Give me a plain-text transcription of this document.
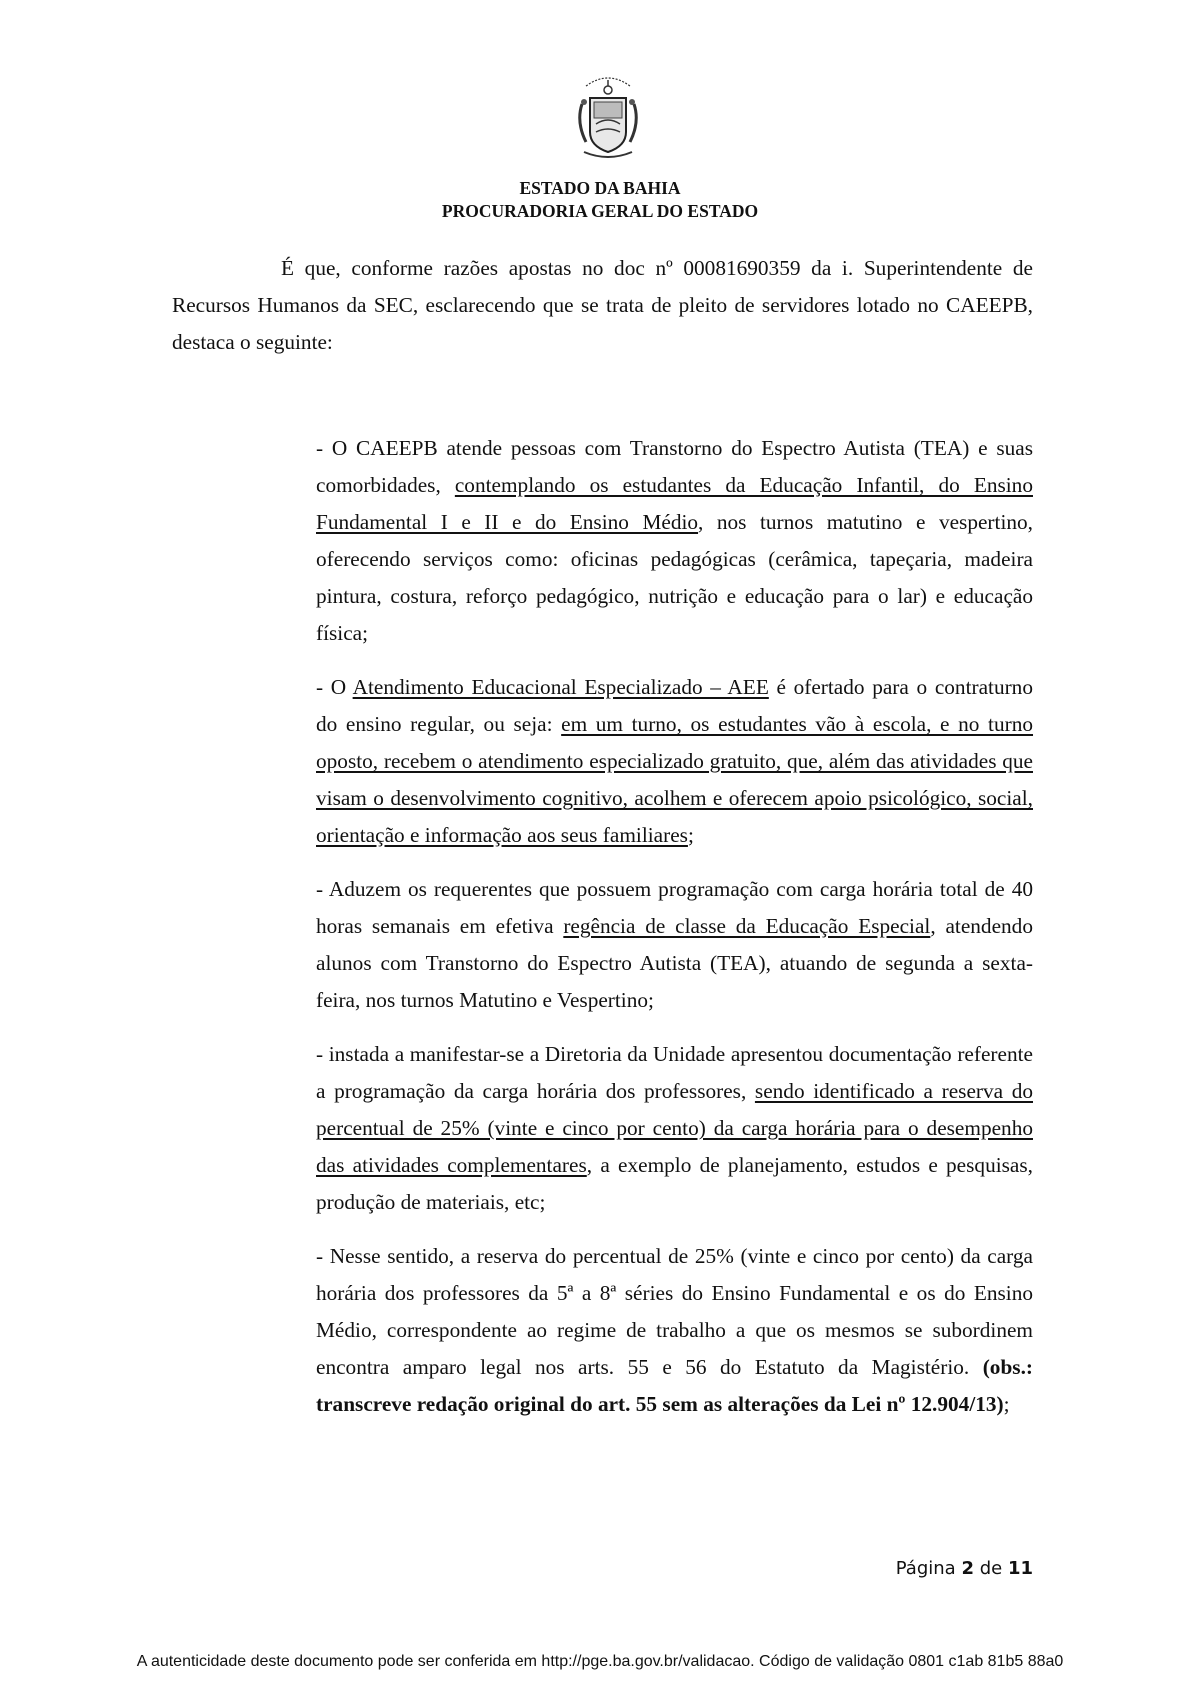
ESTADO DA BAHIA
PROCURADORIA GERAL DO ESTADO

É que, conforme razões apostas no doc nº 00081690359 da i. Superintendente de Recursos Humanos da SEC, esclarecendo que se trata de pleito de servidores lotado no CAEEPB, destaca o seguinte:

- O CAEEPB atende pessoas com Transtorno do Espectro Autista (TEA) e suas comorbidades, contemplando os estudantes da Educação Infantil, do Ensino Fundamental I e II e do Ensino Médio, nos turnos matutino e vespertino, oferecendo serviços como: oficinas pedagógicas (cerâmica, tapeçaria, madeira pintura, costura, reforço pedagógico, nutrição e educação para o lar) e educação física;

- O Atendimento Educacional Especializado – AEE é ofertado para o contraturno do ensino regular, ou seja: em um turno, os estudantes vão à escola, e no turno oposto, recebem o atendimento especializado gratuito, que, além das atividades que visam o desenvolvimento cognitivo, acolhem e oferecem apoio psicológico, social, orientação e informação aos seus familiares;

- Aduzem os requerentes que possuem programação com carga horária total de 40 horas semanais em efetiva regência de classe da Educação Especial, atendendo alunos com Transtorno do Espectro Autista (TEA), atuando de segunda a sexta-feira, nos turnos Matutino e Vespertino;

- instada a manifestar-se a Diretoria da Unidade apresentou documentação referente a programação da carga horária dos professores, sendo identificado a reserva do percentual de 25% (vinte e cinco por cento) da carga horária para o desempenho das atividades complementares, a exemplo de planejamento, estudos e pesquisas, produção de materiais, etc;

- Nesse sentido, a reserva do percentual de 25% (vinte e cinco por cento) da carga horária dos professores da 5ª a 8ª séries do Ensino Fundamental e os do Ensino Médio, correspondente ao regime de trabalho a que os mesmos se subordinem encontra amparo legal nos arts. 55 e 56 do Estatuto da Magistério. (obs.: transcreve redação original do art. 55 sem as alterações da Lei nº 12.904/13);

Página 2 de 11
A autenticidade deste documento pode ser conferida em http://pge.ba.gov.br/validacao. Código de validação 0801 c1ab 81b5 88a0
